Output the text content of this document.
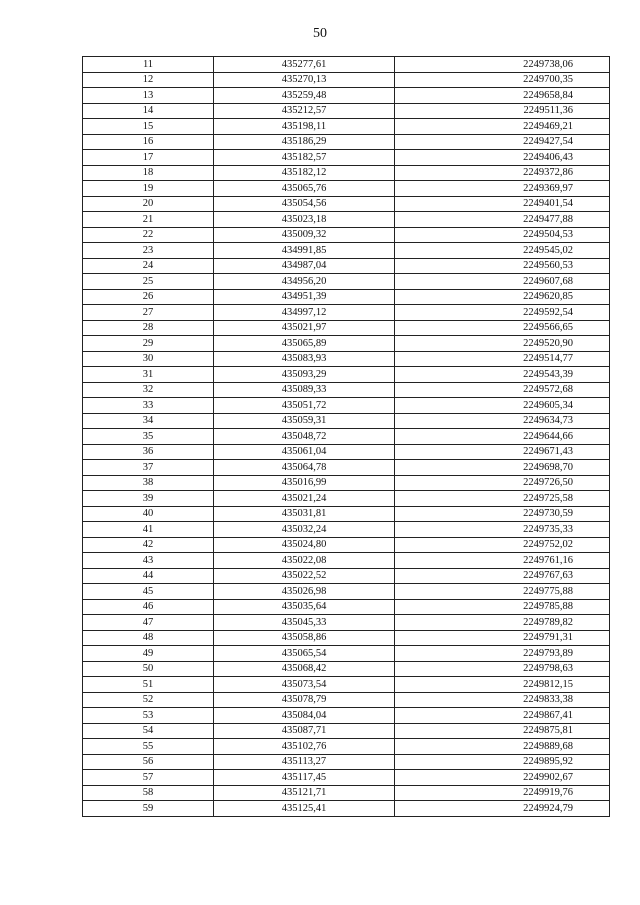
50
11	435277,61	2249738,06
12	435270,13	2249700,35
13	435259,48	2249658,84
14	435212,57	2249511,36
15	435198,11	2249469,21
16	435186,29	2249427,54
17	435182,57	2249406,43
18	435182,12	2249372,86
19	435065,76	2249369,97
20	435054,56	2249401,54
21	435023,18	2249477,88
22	435009,32	2249504,53
23	434991,85	2249545,02
24	434987,04	2249560,53
25	434956,20	2249607,68
26	434951,39	2249620,85
27	434997,12	2249592,54
28	435021,97	2249566,65
29	435065,89	2249520,90
30	435083,93	2249514,77
31	435093,29	2249543,39
32	435089,33	2249572,68
33	435051,72	2249605,34
34	435059,31	2249634,73
35	435048,72	2249644,66
36	435061,04	2249671,43
37	435064,78	2249698,70
38	435016,99	2249726,50
39	435021,24	2249725,58
40	435031,81	2249730,59
41	435032,24	2249735,33
42	435024,80	2249752,02
43	435022,08	2249761,16
44	435022,52	2249767,63
45	435026,98	2249775,88
46	435035,64	2249785,88
47	435045,33	2249789,82
48	435058,86	2249791,31
49	435065,54	2249793,89
50	435068,42	2249798,63
51	435073,54	2249812,15
52	435078,79	2249833,38
53	435084,04	2249867,41
54	435087,71	2249875,81
55	435102,76	2249889,68
56	435113,27	2249895,92
57	435117,45	2249902,67
58	435121,71	2249919,76
59	435125,41	2249924,79
